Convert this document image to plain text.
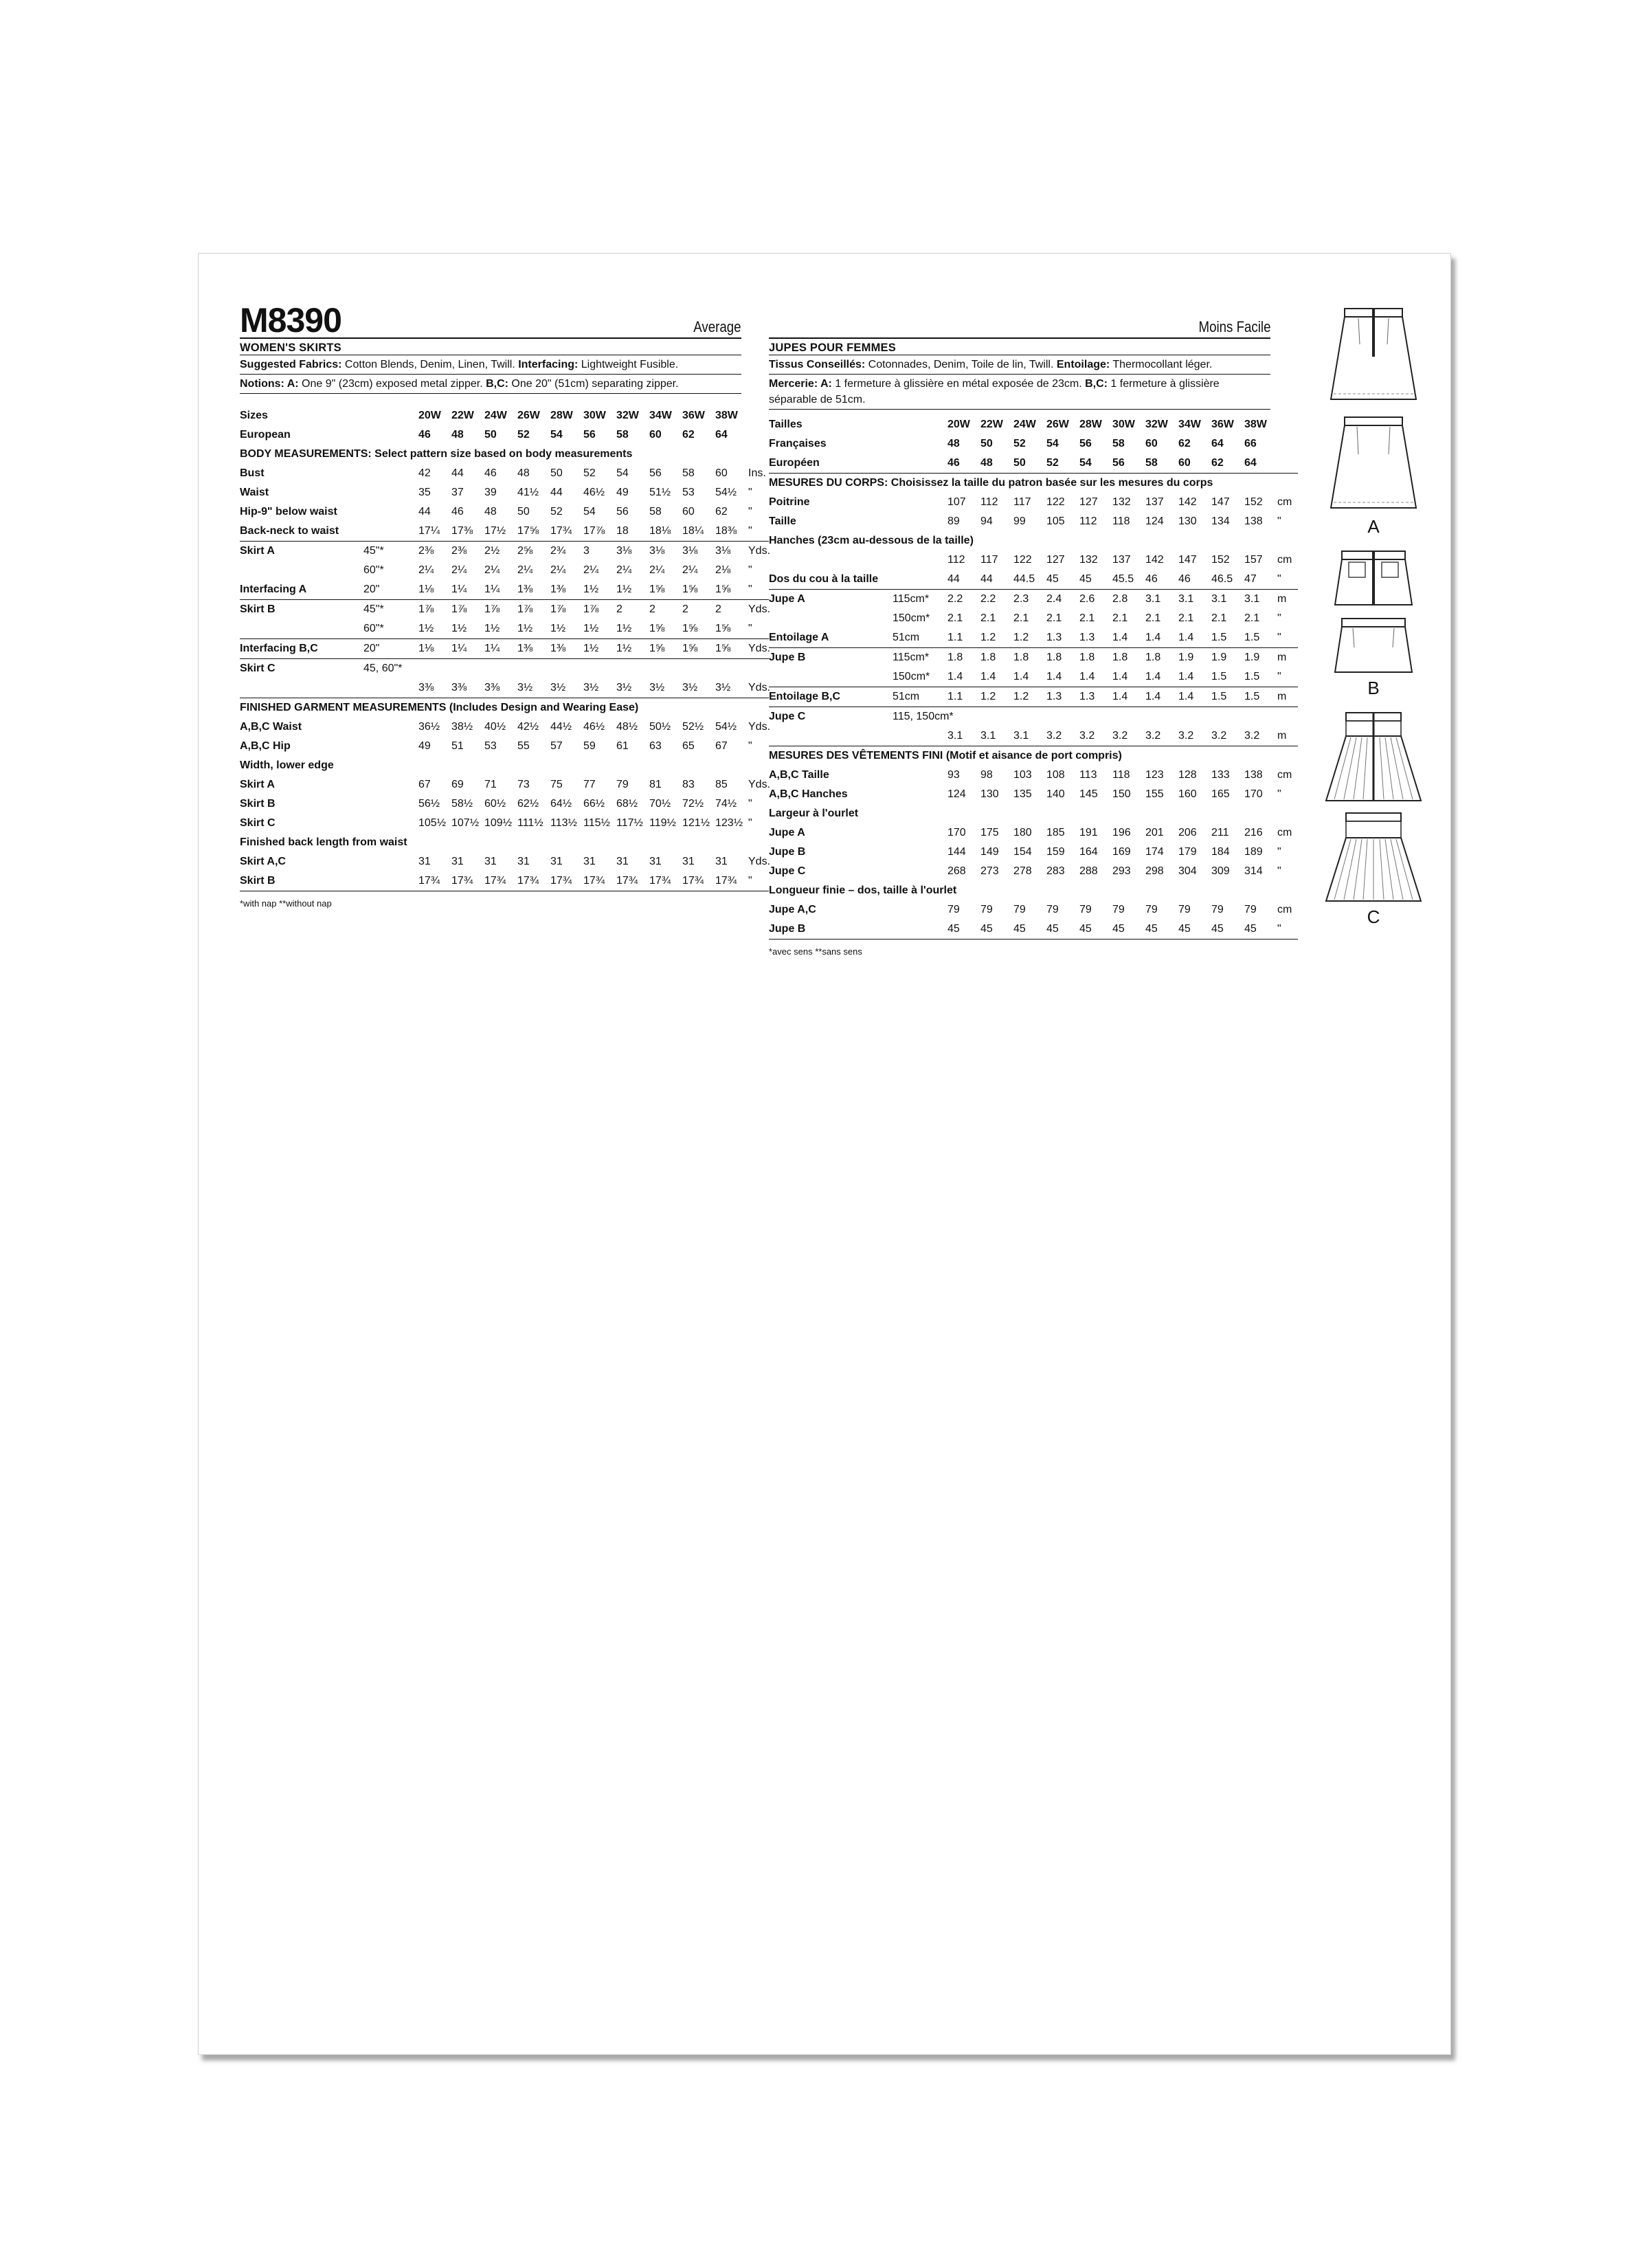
M8390	Average
WOMEN'S SKIRTS
Suggested Fabrics: Cotton Blends, Denim, Linen, Twill. Interfacing: Lightweight Fusible.
Notions: A: One 9" (23cm) exposed metal zipper. B,C: One 20" (51cm) separating zipper.
Sizes		20W	22W	24W	26W	28W	30W	32W	34W	36W	38W	
European		46	48	50	52	54	56	58	60	62	64	
BODY MEASUREMENTS: Select pattern size based on body measurements												
Bust		42	44	46	48	50	52	54	56	58	60	Ins.
Waist		35	37	39	41½	44	46½	49	51½	53	54½	"
Hip-9" below waist		44	46	48	50	52	54	56	58	60	62	"
Back-neck to waist		17¼	17⅜	17½	17⅝	17¾	17⅞	18	18⅛	18¼	18⅜	"
Skirt A	45"*	2⅜	2⅜	2½	2⅝	2¾	3	3⅛	3⅛	3⅛	3⅛	Yds.
	60"*	2¼	2¼	2¼	2¼	2¼	2¼	2¼	2¼	2¼	2⅛	"
Interfacing A	20"	1⅛	1¼	1¼	1⅜	1⅜	1½	1½	1⅝	1⅝	1⅝	"
Skirt B	45"*	1⅞	1⅞	1⅞	1⅞	1⅞	1⅞	2	2	2	2	Yds.
	60"*	1½	1½	1½	1½	1½	1½	1½	1⅝	1⅝	1⅝	"
Interfacing B,C	20"	1⅛	1¼	1¼	1⅜	1⅜	1½	1½	1⅝	1⅝	1⅝	Yds.
Skirt C	45, 60"*											
		3⅜	3⅜	3⅜	3½	3½	3½	3½	3½	3½	3½	Yds.
FINISHED GARMENT MEASUREMENTS (Includes Design and Wearing Ease)												
A,B,C Waist		36½	38½	40½	42½	44½	46½	48½	50½	52½	54½	Yds.
A,B,C Hip		49	51	53	55	57	59	61	63	65	67	"
Width, lower edge												
Skirt A		67	69	71	73	75	77	79	81	83	85	Yds.
Skirt B		56½	58½	60½	62½	64½	66½	68½	70½	72½	74½	"
Skirt C		105½	107½	109½	111½	113½	115½	117½	119½	121½	123½	"
Finished back length from waist												
Skirt A,C		31	31	31	31	31	31	31	31	31	31	Yds.
Skirt B		17¾	17¾	17¾	17¾	17¾	17¾	17¾	17¾	17¾	17¾	"
*with nap **without nap
Moins Facile
JUPES POUR FEMMES
Tissus Conseillés: Cotonnades, Denim, Toile de lin, Twill. Entoilage: Thermocollant léger.
Mercerie: A: 1 fermeture à glissière en métal exposée de 23cm. B,C: 1 fermeture à glissière séparable de 51cm.
Tailles		20W	22W	24W	26W	28W	30W	32W	34W	36W	38W	
Françaises		48	50	52	54	56	58	60	62	64	66	
Européen		46	48	50	52	54	56	58	60	62	64	
MESURES DU CORPS: Choisissez la taille du patron basée sur les mesures du corps												
Poitrine		107	112	117	122	127	132	137	142	147	152	cm
Taille		89	94	99	105	112	118	124	130	134	138	"
Hanches (23cm au-dessous de la taille)												
		112	117	122	127	132	137	142	147	152	157	cm
Dos du cou à la taille		44	44	44.5	45	45	45.5	46	46	46.5	47	"
Jupe A	115cm*	2.2	2.2	2.3	2.4	2.6	2.8	3.1	3.1	3.1	3.1	m
	150cm*	2.1	2.1	2.1	2.1	2.1	2.1	2.1	2.1	2.1	2.1	"
Entoilage A	51cm	1.1	1.2	1.2	1.3	1.3	1.4	1.4	1.4	1.5	1.5	"
Jupe B	115cm*	1.8	1.8	1.8	1.8	1.8	1.8	1.8	1.9	1.9	1.9	m
	150cm*	1.4	1.4	1.4	1.4	1.4	1.4	1.4	1.4	1.5	1.5	"
Entoilage B,C	51cm	1.1	1.2	1.2	1.3	1.3	1.4	1.4	1.4	1.5	1.5	m
Jupe C	115, 150cm*											
		3.1	3.1	3.1	3.2	3.2	3.2	3.2	3.2	3.2	3.2	m
MESURES DES VÊTEMENTS FINI (Motif et aisance de port compris)												
A,B,C Taille		93	98	103	108	113	118	123	128	133	138	cm
A,B,C Hanches		124	130	135	140	145	150	155	160	165	170	"
Largeur à l'ourlet												
Jupe A		170	175	180	185	191	196	201	206	211	216	cm
Jupe B		144	149	154	159	164	169	174	179	184	189	"
Jupe C		268	273	278	283	288	293	298	304	309	314	"
Longueur finie – dos, taille à l'ourlet												
Jupe A,C		79	79	79	79	79	79	79	79	79	79	cm
Jupe B		45	45	45	45	45	45	45	45	45	45	"
*avec sens **sans sens
A
B
C
